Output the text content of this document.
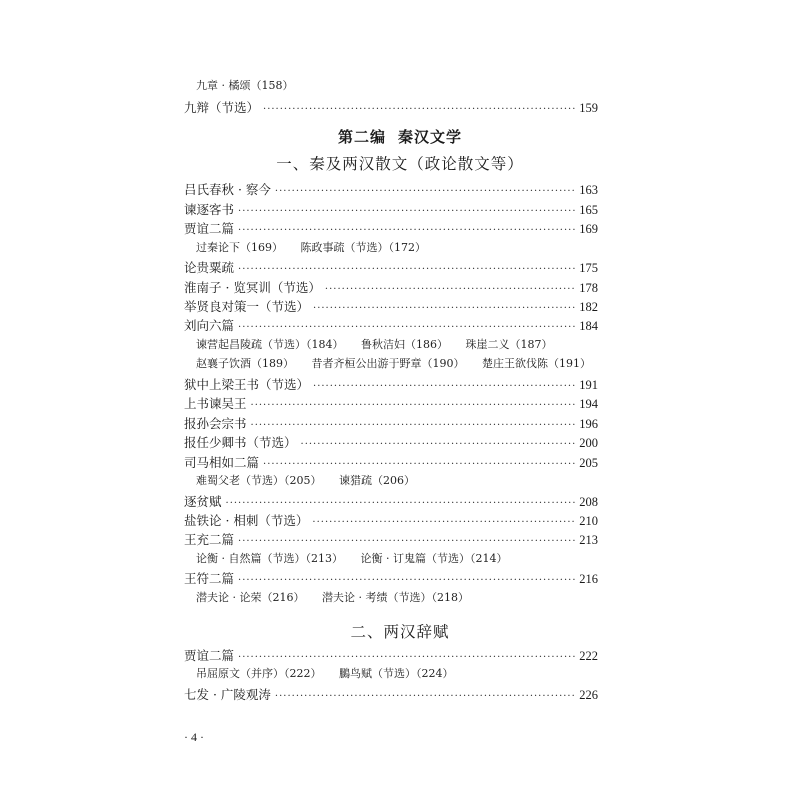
九章 · 橘颂（158）
九辩（节选） ·····	159
第二编 秦汉文学
一、秦及两汉散文（政论散文等）
吕氏春秋 · 察今 ·····	163
谏逐客书 ·····	165
贾谊二篇 ·····	169
过秦论下（169） 陈政事疏（节选）（172）
论贵粟疏 ·····	175
淮南子 · 览冥训（节选） ·····	178
举贤良对策一（节选） ·····	182
刘向六篇 ·····	184
谏营起昌陵疏（节选）（184） 鲁秋洁妇（186） 珠崖二义（187）
赵襄子饮酒（189） 昔者齐桓公出游于野章（190） 楚庄王欲伐陈（191）
狱中上梁王书（节选） ·····	191
上书谏吴王 ·····	194
报孙会宗书 ·····	196
报任少卿书（节选） ·····	200
司马相如二篇 ·····	205
难蜀父老（节选）（205） 谏猎疏（206）
逐贫赋 ·····	208
盐铁论 · 相刺（节选） ·····	210
王充二篇 ·····	213
论衡 · 自然篇（节选）（213） 论衡 · 订鬼篇（节选）（214）
王符二篇 ·····	216
潜夫论 · 论荣（216） 潜夫论 · 考绩（节选）（218）
二、两汉辞赋
贾谊二篇 ·····	222
吊屈原文（并序）（222） 鵩鸟赋（节选）（224）
七发 · 广陵观涛 ·····	226
· 4 ·
